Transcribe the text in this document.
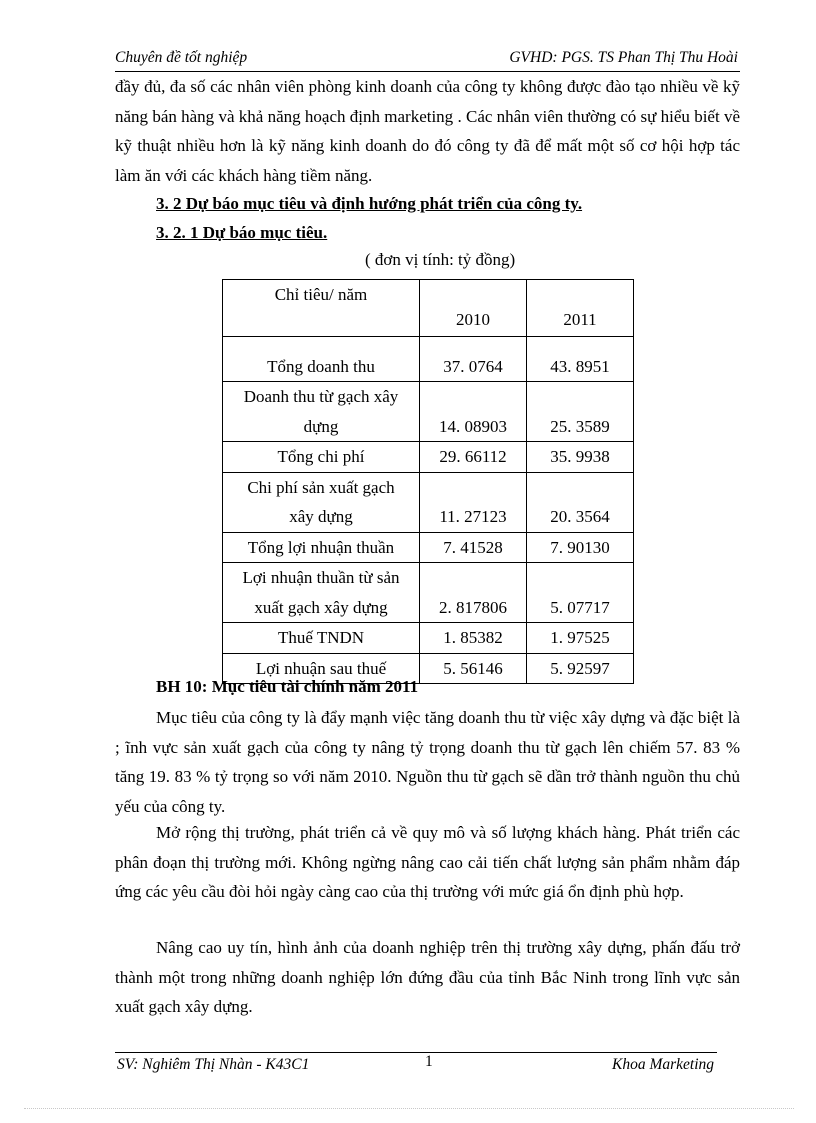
Chuyên đề tốt nghiệp	GVHD: PGS. TS Phan Thị Thu Hoài

đầy đủ, đa số các nhân viên phòng kinh doanh của công ty không được đào tạo nhiều về kỹ năng bán hàng và khả năng hoạch định marketing . Các nhân viên thường có sự hiểu biết về kỹ thuật nhiều hơn là kỹ năng kinh doanh do đó công ty đã để mất một số cơ hội hợp tác làm ăn với các khách hàng tiềm năng.

3. 2 Dự báo mục tiêu và định hướng phát triển của công ty.

3. 2. 1 Dự báo mục tiêu.

( đơn vị tính: tỷ đồng)
Chỉ tiêu/ năm	2010	2011
Tổng doanh thu	37. 0764	43. 8951

Doanh thu từ gạch xây
dựng	14. 08903	25. 3589
Tổng chi phí	29. 66112	35. 9938

Chi phí sản xuất gạch
xây dựng	11. 27123	20. 3564
Tổng lợi nhuận thuần	7. 41528	7. 90130

Lợi nhuận thuần từ sản
xuất gạch xây dựng	2. 817806	5. 07717
Thuế TNDN	1. 85382	1. 97525
Lợi nhuận sau thuế	5. 56146	5. 92597
BH 10: Mục tiêu tài chính năm 2011

Mục tiêu của công ty là đẩy mạnh việc tăng doanh thu từ việc xây dựng và đặc biệt là ; ĩnh vực sản xuất gạch của công ty nâng tỷ trọng doanh thu từ gạch lên chiếm 57. 83 % tăng 19. 83 % tỷ trọng so với năm 2010. Nguồn thu từ gạch sẽ dần trở thành nguồn thu chủ yếu của công ty.

Mở rộng thị trường, phát triển cả về quy mô và số lượng khách hàng. Phát triển các phân đoạn thị trường mới. Không ngừng nâng cao cải tiến chất lượng sản phẩm nhằm đáp ứng các yêu cầu đòi hỏi ngày càng cao của thị trường với mức giá ổn định phù hợp.

Nâng cao uy tín, hình ảnh của doanh nghiệp trên thị trường xây dựng, phấn đấu trở thành một trong những doanh nghiệp lớn đứng đầu của tỉnh Bắc Ninh trong lĩnh vực sản xuất gạch xây dựng.

SV: Nghiêm Thị Nhàn - K43C1	1	Khoa Marketing
